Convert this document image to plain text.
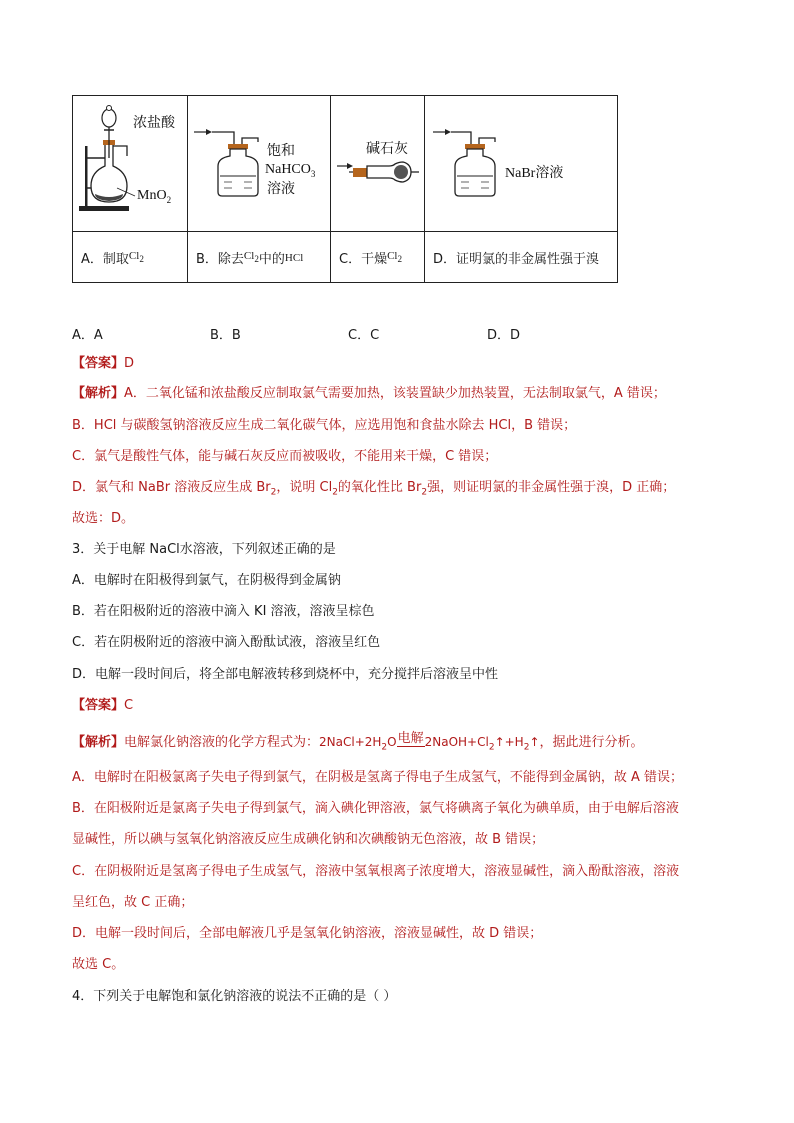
浓盐酸
MnO$_2$
饱和
NaHCO$_3$
溶液
碱石灰
NaBr溶液
A．制取 $Cl_2$	B．除去 $Cl_2$ 中的 HCl	C．干燥 $Cl_2$	D．证明氯的非金属性强于溴
A．A	B．B	C．C	D．D
【答案】D
【解析】A．二氧化锰和浓盐酸反应制取氯气需要加热，该装置缺少加热装置，无法制取氯气，A 错误；
B．HCl 与碳酸氢钠溶液反应生成二氧化碳气体，应选用饱和食盐水除去 HCl，B 错误；
C．氯气是酸性气体，能与碱石灰反应而被吸收，不能用来干燥，C 错误；
D．氯气和 NaBr 溶液反应生成 $Br_2$，说明 $Cl_2$的氧化性比 $Br_2$强，则证明氯的非金属性强于溴，D 正确；
故选：D。
3．关于电解 NaCl水溶液，下列叙述正确的是
A．电解时在阳极得到氯气，在阴极得到金属钠
B．若在阳极附近的溶液中滴入 KI 溶液，溶液呈棕色
C．若在阴极附近的溶液中滴入酚酞试液，溶液呈红色
D．电解一段时间后，将全部电解液转移到烧杯中，充分搅拌后溶液呈中性
【答案】C
【解析】电解氯化钠溶液的化学方程式为：$2NaCl+2H_2O$电解$2NaOH+Cl_2↑+H_2↑$，据此进行分析。
A．电解时在阳极氯离子失电子得到氯气，在阴极是氢离子得电子生成氢气，不能得到金属钠，故 A 错误；
B．在阳极附近是氯离子失电子得到氯气，滴入碘化钾溶液，氯气将碘离子氧化为碘单质，由于电解后溶液
显碱性，所以碘与氢氧化钠溶液反应生成碘化钠和次碘酸钠无色溶液，故 B 错误；
C．在阴极附近是氢离子得电子生成氢气，溶液中氢氧根离子浓度增大，溶液显碱性，滴入酚酞溶液，溶液
呈红色，故 C 正确；
D．电解一段时间后，全部电解液几乎是氢氧化钠溶液，溶液显碱性，故 D 错误；
故选 C。
4．下列关于电解饱和氯化钠溶液的说法不正确的是（ ）
